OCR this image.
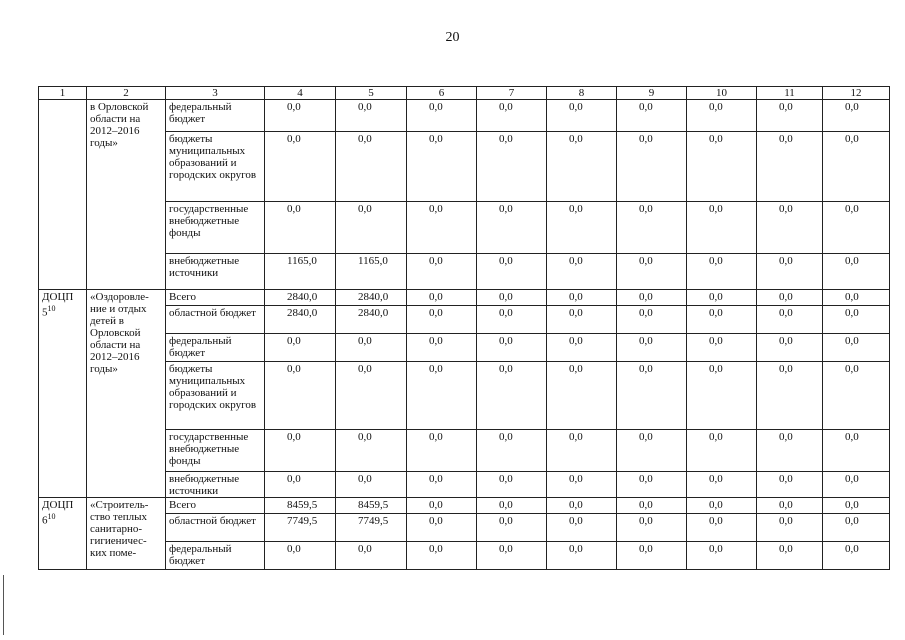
20
1	2	3	4	5	6	7	8	9	10	11	12
	в Орловской области на 2012–2016 годы»	федеральный бюджет	0,0	0,0	0,0	0,0	0,0	0,0	0,0	0,0	0,0
		бюджеты муниципальных образований и городских округов	0,0	0,0	0,0	0,0	0,0	0,0	0,0	0,0	0,0
		государственные внебюджетные фонды	0,0	0,0	0,0	0,0	0,0	0,0	0,0	0,0	0,0
		внебюджетные источники	1165,0	1165,0	0,0	0,0	0,0	0,0	0,0	0,0	0,0
ДОЦП $5^{10}$	«Оздоровле-ние и отдых детей в Орловской области на 2012–2016 годы»	Всего	2840,0	2840,0	0,0	0,0	0,0	0,0	0,0	0,0	0,0
		областной бюджет	2840,0	2840,0	0,0	0,0	0,0	0,0	0,0	0,0	0,0
		федеральный бюджет	0,0	0,0	0,0	0,0	0,0	0,0	0,0	0,0	0,0
		бюджеты муниципальных образований и городских округов	0,0	0,0	0,0	0,0	0,0	0,0	0,0	0,0	0,0
		государственные внебюджетные фонды	0,0	0,0	0,0	0,0	0,0	0,0	0,0	0,0	0,0
		внебюджетные источники	0,0	0,0	0,0	0,0	0,0	0,0	0,0	0,0	0,0
ДОЦП $6^{10}$	«Строитель-ство теплых санитарно-гигиеничес-ких поме-	Всего	8459,5	8459,5	0,0	0,0	0,0	0,0	0,0	0,0	0,0
		областной бюджет	7749,5	7749,5	0,0	0,0	0,0	0,0	0,0	0,0	0,0
		федеральный бюджет	0,0	0,0	0,0	0,0	0,0	0,0	0,0	0,0	0,0
